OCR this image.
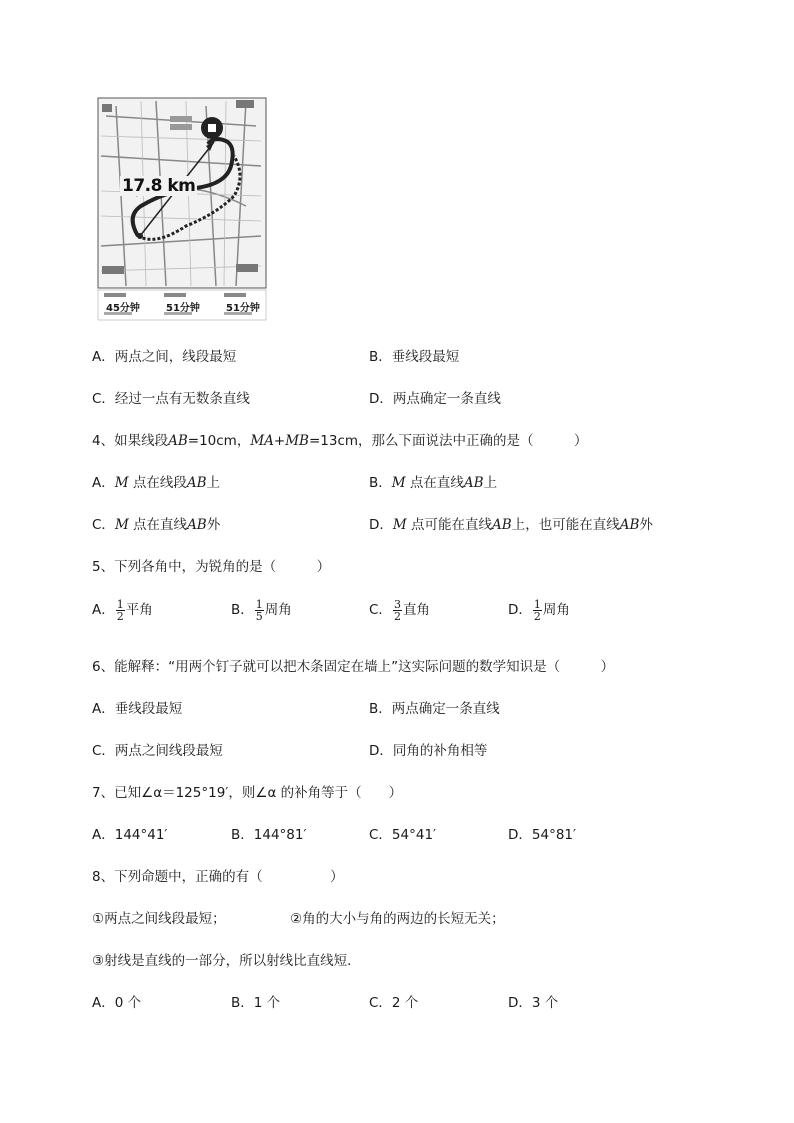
17.8 km
45分钟	51分钟	51分钟
A．两点之间，线段最短	B．垂线段最短
C．经过一点有无数条直线	D．两点确定一条直线
4、如果线段AB=10cm，MA+MB=13cm，那么下面说法中正确的是（　　　）
A．M 点在线段AB上	B．M 点在直线AB上
C．M 点在直线AB外	D．M 点可能在直线AB上，也可能在直线AB外
5、下列各角中，为锐角的是（　　　）
A． $\frac{1}{2}$ 平角	B． $\frac{1}{5}$ 周角	C． $\frac{3}{2}$ 直角	D． $\frac{1}{2}$ 周角
6、能解释：“用两个钉子就可以把木条固定在墙上”这实际问题的数学知识是（　　　）
A．垂线段最短	B．两点确定一条直线
C．两点之间线段最短	D．同角的补角相等
7、已知∠α＝125°19′，则∠α 的补角等于（　　）
A．144°41′	B．144°81′	C．54°41′	D．54°81′
8、下列命题中，正确的有（　　　　　）
①两点之间线段最短；	②角的大小与角的两边的长短无关；
③射线是直线的一部分，所以射线比直线短．
A．0 个	B．1 个	C．2 个	D．3 个
